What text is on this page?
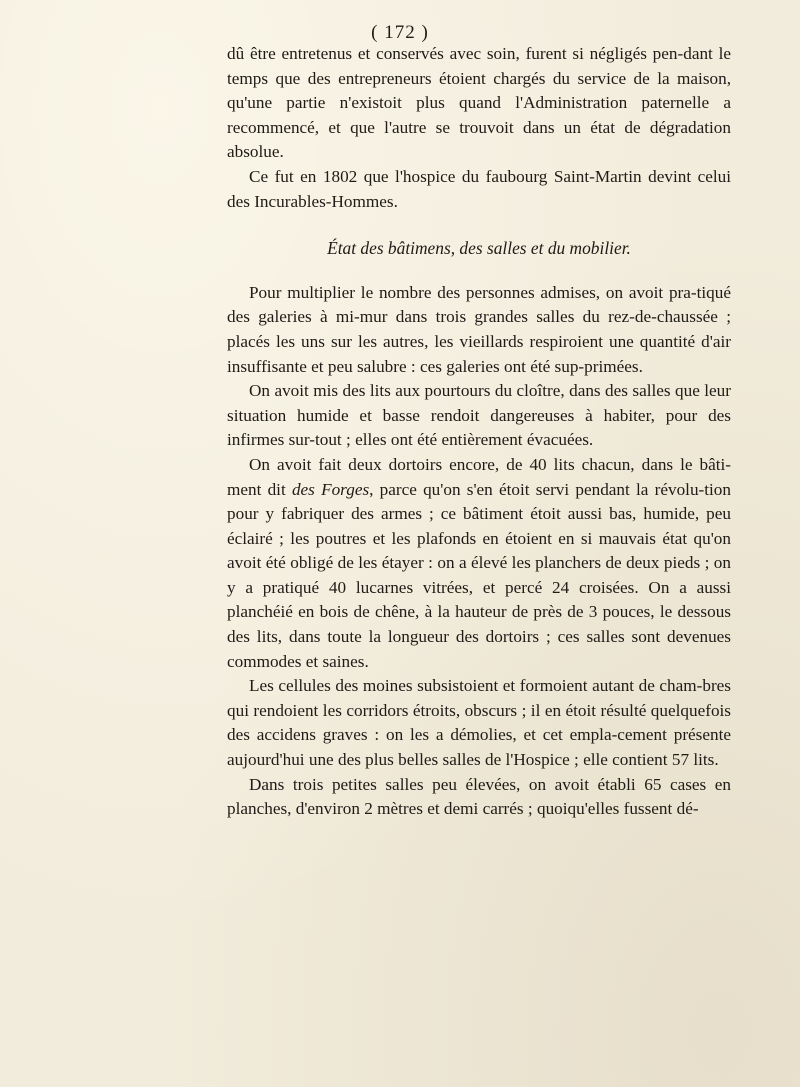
( 172 )

dû être entretenus et conservés avec soin, furent si négligés pen-dant le temps que des entrepreneurs étoient chargés du service de la maison, qu'une partie n'existoit plus quand l'Administration paternelle a recommencé, et que l'autre se trouvoit dans un état de dégradation absolue.

Ce fut en 1802 que l'hospice du faubourg Saint-Martin devint celui des Incurables-Hommes.

État des bâtimens, des salles et du mobilier.

Pour multiplier le nombre des personnes admises, on avoit pra-tiqué des galeries à mi-mur dans trois grandes salles du rez-de-chaussée ; placés les uns sur les autres, les vieillards respiroient une quantité d'air insuffisante et peu salubre : ces galeries ont été sup-primées.

On avoit mis des lits aux pourtours du cloître, dans des salles que leur situation humide et basse rendoit dangereuses à habiter, pour des infirmes sur-tout ; elles ont été entièrement évacuées.

On avoit fait deux dortoirs encore, de 40 lits chacun, dans le bâti-ment dit des Forges, parce qu'on s'en étoit servi pendant la révolu-tion pour y fabriquer des armes ; ce bâtiment étoit aussi bas, humide, peu éclairé ; les poutres et les plafonds en étoient en si mauvais état qu'on avoit été obligé de les étayer : on a élevé les planchers de deux pieds ; on y a pratiqué 40 lucarnes vitrées, et percé 24 croisées. On a aussi planchéié en bois de chêne, à la hauteur de près de 3 pouces, le dessous des lits, dans toute la longueur des dortoirs ; ces salles sont devenues commodes et saines.

Les cellules des moines subsistoient et formoient autant de cham-bres qui rendoient les corridors étroits, obscurs ; il en étoit résulté quelquefois des accidens graves : on les a démolies, et cet empla-cement présente aujourd'hui une des plus belles salles de l'Hospice ; elle contient 57 lits.

Dans trois petites salles peu élevées, on avoit établi 65 cases en planches, d'environ 2 mètres et demi carrés ; quoiqu'elles fussent dé-
